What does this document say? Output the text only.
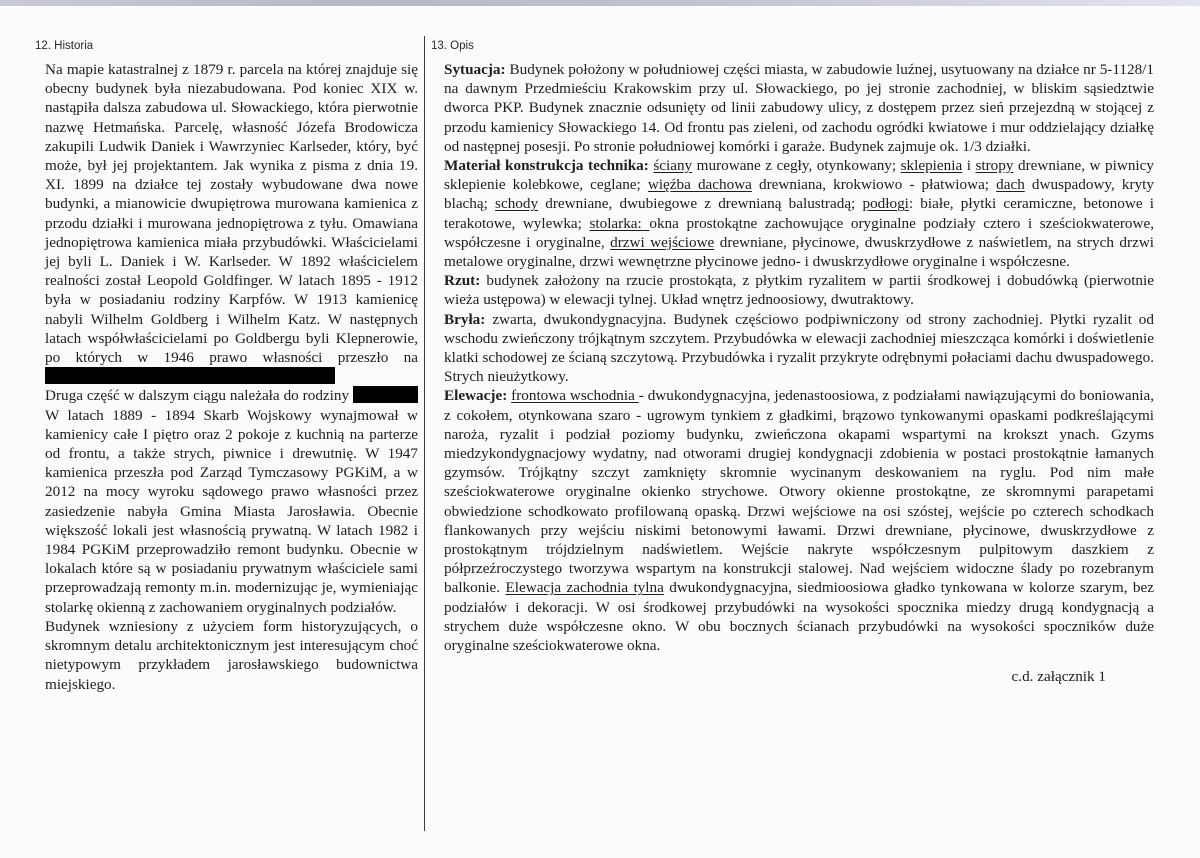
12. Historia	13. Opis

Na mapie katastralnej z 1879 r. parcela na której znajduje się obecny budynek była niezabudowana. Pod koniec XIX w. nastąpiła dalsza zabudowa ul. Słowackiego, która pierwotnie nazwę Hetmańska. Parcelę, własność Józefa Brodowicza zakupili Ludwik Daniek i Wawrzyniec Karlseder, który, być może, był jej projektantem. Jak wynika z pisma z dnia 19. XI. 1899 na działce tej zostały wybudowane dwa nowe budynki, a mianowicie dwupiętrowa murowana kamienica z przodu działki i murowana jednopiętrowa z tyłu. Omawiana jednopiętrowa kamienica miała przybudówki. Właścicielami jej byli L. Daniek i W. Karlseder. W 1892 właścicielem realności został Leopold Goldfinger. W latach 1895 - 1912 była w posiadaniu rodziny Karpfów. W 1913 kamienicę nabyli Wilhelm Goldberg i Wilhelm Katz. W następnych latach współwłaścicielami po Goldbergu byli Klepnerowie, po których w 1946 prawo własności przeszło na

Druga część w dalszym ciągu należała do rodziny  W latach 1889 - 1894 Skarb Wojskowy wynajmował w kamienicy całe I piętro oraz 2 pokoje z kuchnią na parterze od frontu, a także strych, piwnice i drewutnię. W 1947 kamienica przeszła pod Zarząd Tymczasowy PGKiM, a w 2012 na mocy wyroku sądowego prawo własności przez zasiedzenie nabyła Gmina Miasta Jarosławia. Obecnie większość lokali jest własnością prywatną. W latach 1982 i 1984 PGKiM przeprowadziło remont budynku. Obecnie w lokalach które są w posiadaniu prywatnym właściciele sami przeprowadzają remonty m.in. modernizując je, wymieniając stolarkę okienną z zachowaniem oryginalnych podziałów.

Budynek wzniesiony z użyciem form historyzujących, o skromnym detalu architektonicznym jest interesującym choć nietypowym przykładem jarosławskiego budownictwa miejskiego.

Sytuacja: Budynek położony w południowej części miasta, w zabudowie luźnej, usytuowany na działce nr 5-1128/1 na dawnym Przedmieściu Krakowskim przy ul. Słowackiego, po jej stronie zachodniej, w bliskim sąsiedztwie dworca PKP. Budynek znacznie odsunięty od linii zabudowy ulicy, z dostępem przez sień przejezdną w stojącej z przodu kamienicy Słowackiego 14. Od frontu pas zieleni, od zachodu ogródki kwiatowe i mur oddzielający działkę od następnej posesji. Po stronie południowej komórki i garaże. Budynek zajmuje ok. 1/3 działki.

Materiał konstrukcja technika: ściany murowane z cegły, otynkowany; sklepienia i stropy drewniane, w piwnicy sklepienie kolebkowe, ceglane; więźba dachowa drewniana, krokwiowo - płatwiowa; dach dwuspadowy, kryty blachą; schody drewniane, dwubiegowe z drewnianą balustradą; podłogi: białe, płytki ceramiczne, betonowe i terakotowe, wylewka; stolarka: okna prostokątne zachowujące oryginalne podziały cztero i sześciokwaterowe, współczesne i oryginalne, drzwi wejściowe drewniane, płycinowe, dwuskrzydłowe z naświetlem, na strych drzwi metalowe oryginalne, drzwi wewnętrzne płycinowe jedno- i dwuskrzydłowe oryginalne i współczesne.

Rzut: budynek założony na rzucie prostokąta, z płytkim ryzalitem w partii środkowej i dobudówką (pierwotnie wieża ustępowa) w elewacji tylnej. Układ wnętrz jednoosiowy, dwutraktowy.

Bryła: zwarta, dwukondygnacyjna. Budynek częściowo podpiwniczony od strony zachodniej. Płytki ryzalit od wschodu zwieńczony trójkątnym szczytem. Przybudówka w elewacji zachodniej mieszcząca komórki i doświetlenie klatki schodowej ze ścianą szczytową. Przybudówka i ryzalit przykryte odrębnymi połaciami dachu dwuspadowego. Strych nieużytkowy.

Elewacje: frontowa wschodnia - dwukondygnacyjna, jedenastoosiowa, z podziałami nawiązującymi do boniowania, z cokołem, otynkowana szaro - ugrowym tynkiem z gładkimi, brązowo tynkowanymi opaskami podkreślającymi naroża, ryzalit i podział poziomy budynku, zwieńczona okapami wspartymi na krokszt ynach. Gzyms miedzykondygnacjowy wydatny, nad otworami drugiej kondygnacji zdobienia w postaci prostokątnie łamanych gzymsów. Trójkątny szczyt zamknięty skromnie wycinanym deskowaniem na ryglu. Pod nim małe sześciokwaterowe oryginalne okienko strychowe. Otwory okienne prostokątne, ze skromnymi parapetami obwiedzione schodkowato profilowaną opaską. Drzwi wejściowe na osi szóstej, wejście po czterech schodkach flankowanych przy wejściu niskimi betonowymi ławami. Drzwi drewniane, płycinowe, dwuskrzydłowe z prostokątnym trójdzielnym nadświetlem. Wejście nakryte współczesnym pulpitowym daszkiem z półprzeźroczystego tworzywa wspartym na konstrukcji stalowej. Nad wejściem widoczne ślady po rozebranym balkonie. Elewacja zachodnia tylna dwukondygnacyjna, siedmioosiowa gładko tynkowana w kolorze szarym, bez podziałów i dekoracji. W osi środkowej przybudówki na wysokości spocznika miedzy drugą kondygnacją a strychem duże współczesne okno. W obu bocznych ścianach przybudówki na wysokości spoczników duże oryginalne sześciokwaterowe okna.

c.d. załącznik 1
